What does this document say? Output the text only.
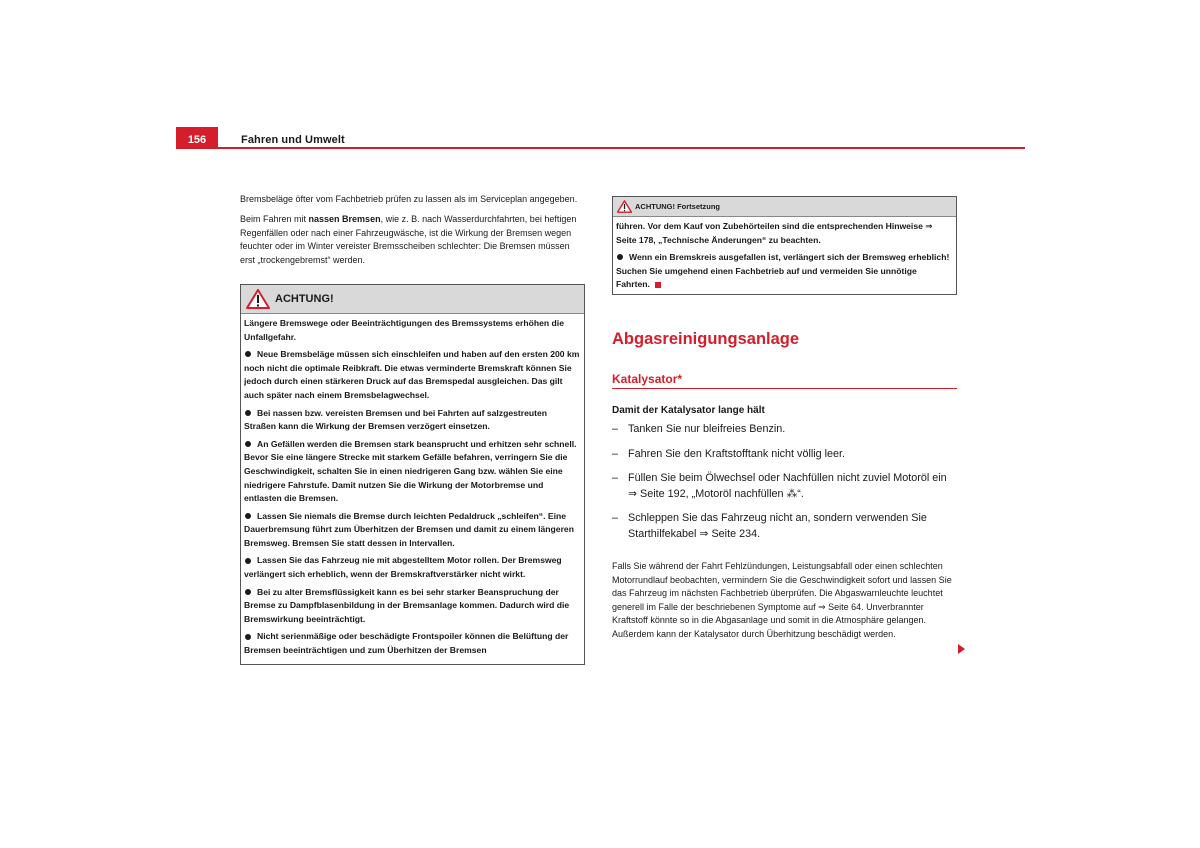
156	Fahren und Umwelt

Bremsbeläge öfter vom Fachbetrieb prüfen zu lassen als im Serviceplan angegeben.

Beim Fahren mit nassen Bremsen, wie z. B. nach Wasserdurchfahrten, bei heftigen Regenfällen oder nach einer Fahrzeugwäsche, ist die Wirkung der Bremsen wegen feuchter oder im Winter vereister Bremsscheiben schlechter: Die Bremsen müssen erst „trockengebremst“ werden.

ACHTUNG!

Längere Bremswege oder Beeinträchtigungen des Bremssystems erhöhen die Unfallgefahr.

Neue Bremsbeläge müssen sich einschleifen und haben auf den ersten 200 km noch nicht die optimale Reibkraft. Die etwas verminderte Bremskraft können Sie jedoch durch einen stärkeren Druck auf das Bremspedal ausgleichen. Das gilt auch später nach einem Bremsbelagwechsel.

Bei nassen bzw. vereisten Bremsen und bei Fahrten auf salzgestreuten Straßen kann die Wirkung der Bremsen verzögert einsetzen.

An Gefällen werden die Bremsen stark beansprucht und erhitzen sehr schnell. Bevor Sie eine längere Strecke mit starkem Gefälle befahren, verringern Sie die Geschwindigkeit, schalten Sie in einen niedrigeren Gang bzw. wählen Sie eine niedrigere Fahrstufe. Damit nutzen Sie die Wirkung der Motorbremse und entlasten die Bremsen.

Lassen Sie niemals die Bremse durch leichten Pedaldruck „schleifen“. Eine Dauerbremsung führt zum Überhitzen der Bremsen und damit zu einem längeren Bremsweg. Bremsen Sie statt dessen in Intervallen.

Lassen Sie das Fahrzeug nie mit abgestelltem Motor rollen. Der Bremsweg verlängert sich erheblich, wenn der Bremskraftverstärker nicht wirkt.

Bei zu alter Bremsflüssigkeit kann es bei sehr starker Beanspruchung der Bremse zu Dampfblasenbildung in der Bremsanlage kommen. Dadurch wird die Bremswirkung beeinträchtigt.

Nicht serienmäßige oder beschädigte Frontspoiler können die Belüftung der Bremsen beeinträchtigen und zum Überhitzen der Bremsen

ACHTUNG! Fortsetzung

führen. Vor dem Kauf von Zubehörteilen sind die entsprechenden Hinweise ⇒ Seite 178, „Technische Änderungen“ zu beachten.

Wenn ein Bremskreis ausgefallen ist, verlängert sich der Bremsweg erheblich! Suchen Sie umgehend einen Fachbetrieb auf und vermeiden Sie unnötige Fahrten.

Abgasreinigungsanlage
Katalysator*
Damit der Katalysator lange hält
– Tanken Sie nur bleifreies Benzin.
– Fahren Sie den Kraftstofftank nicht völlig leer.
– Füllen Sie beim Ölwechsel oder Nachfüllen nicht zuviel Motoröl ein ⇒ Seite 192, „Motoröl nachfüllen ⁂“.
– Schleppen Sie das Fahrzeug nicht an, sondern verwenden Sie Starthilfekabel ⇒ Seite 234.

Falls Sie während der Fahrt Fehlzündungen, Leistungsabfall oder einen schlechten Motorrundlauf beobachten, vermindern Sie die Geschwindigkeit sofort und lassen Sie das Fahrzeug im nächsten Fachbetrieb überprüfen. Die Abgaswarnleuchte leuchtet generell im Falle der beschriebenen Symptome auf ⇒ Seite 64. Unverbrannter Kraftstoff könnte so in die Abgasanlage und somit in die Atmosphäre gelangen. Außerdem kann der Katalysator durch Überhitzung beschädigt werden.
